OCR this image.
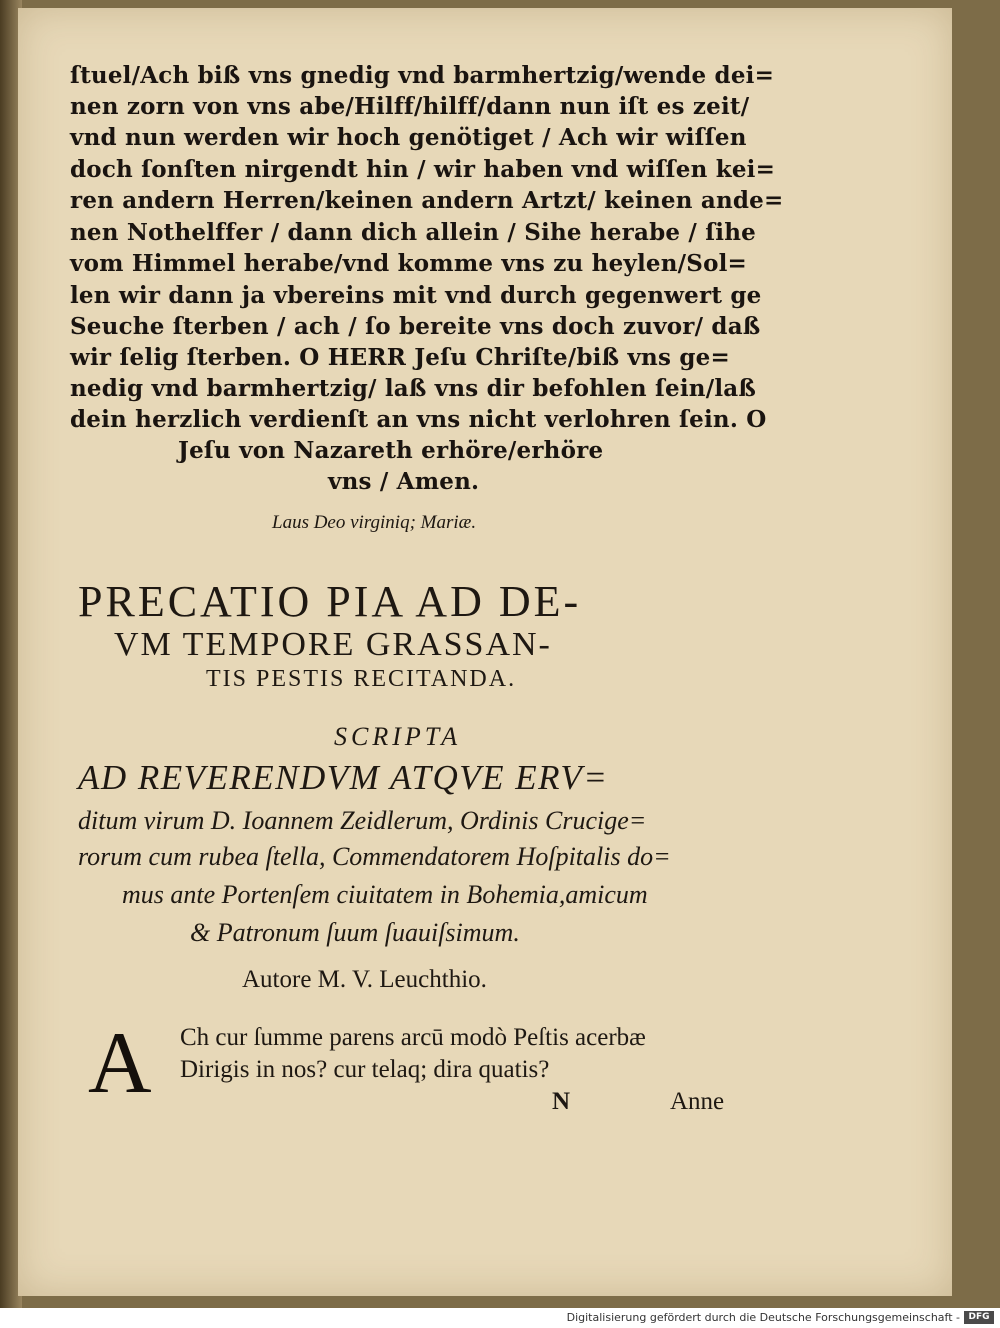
ſtuel/Ach biß vns gnedig vnd barmhertzig/wende dei=
nen zorn von vns abe/Hilff/hilff/dann nun iſt es zeit/
vnd nun werden wir hoch genötiget / Ach wir wiſſen
doch ſonſten nirgendt hin / wir haben vnd wiſſen kei=
ren andern Herren/keinen andern Artzt/ keinen ande=
nen Nothelffer / dann dich allein / Sihe herabe / ſihe
vom Himmel herabe/vnd komme vns zu heylen/Sol=
len wir dann ja vbereins mit vnd durch gegenwert ge
Seuche ſterben / ach / ſo bereite vns doch zuvor/ daß
wir ſelig ſterben. O HERR Jeſu Chriſte/biß vns ge=
nedig vnd barmhertzig/ laß vns dir befohlen ſein/laß
dein herzlich verdienſt an vns nicht verlohren ſein. O
Jeſu von Nazareth erhöre/erhöre
vns / Amen.
Laus Deo virginiq; Mariæ.
PRECATIO PIA AD DE-
VM TEMPORE GRASSAN-
TIS PESTIS RECITANDA.
SCRIPTA
AD REVERENDVM ATQVE ERV=
ditum virum D. Ioannem Zeidlerum, Ordinis Crucige=
rorum cum rubea ſtella, Commendatorem Hoſpitalis do=
mus ante Portenſem ciuitatem in Bohemia,amicum
& Patronum ſuum ſuauiſsimum.
Autore M. V. Leuchthio.
A Ch cur ſumme parens arcū modò Peſtis acerbæ
Dirigis in nos? cur telaq; dira quatis?
N	Anne
Digitalisierung gefördert durch die Deutsche Forschungsgemeinschaft - DFG
